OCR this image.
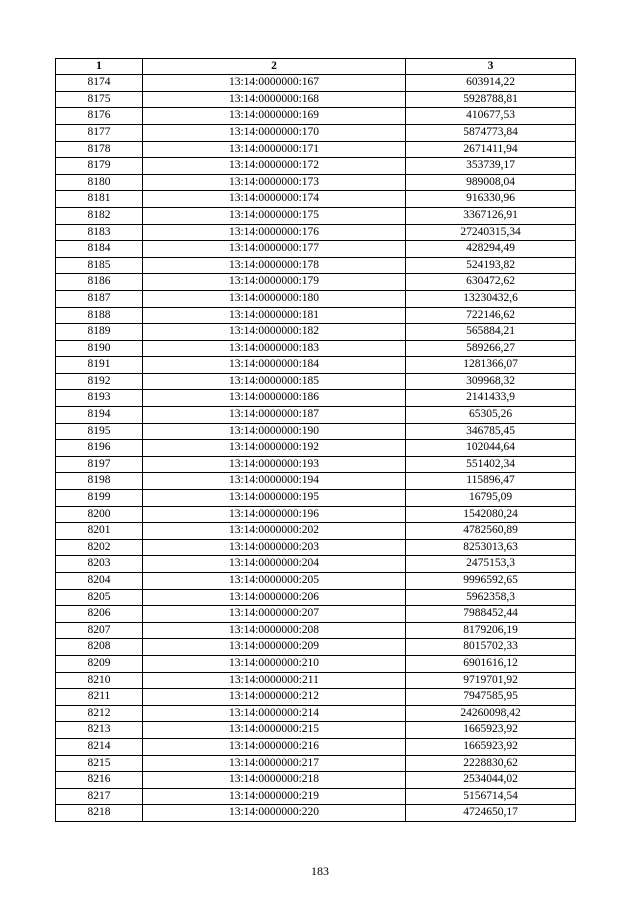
1	2	3
8174	13:14:0000000:167	603914,22
8175	13:14:0000000:168	5928788,81
8176	13:14:0000000:169	410677,53
8177	13:14:0000000:170	5874773,84
8178	13:14:0000000:171	2671411,94
8179	13:14:0000000:172	353739,17
8180	13:14:0000000:173	989008,04
8181	13:14:0000000:174	916330,96
8182	13:14:0000000:175	3367126,91
8183	13:14:0000000:176	27240315,34
8184	13:14:0000000:177	428294,49
8185	13:14:0000000:178	524193,82
8186	13:14:0000000:179	630472,62
8187	13:14:0000000:180	13230432,6
8188	13:14:0000000:181	722146,62
8189	13:14:0000000:182	565884,21
8190	13:14:0000000:183	589266,27
8191	13:14:0000000:184	1281366,07
8192	13:14:0000000:185	309968,32
8193	13:14:0000000:186	2141433,9
8194	13:14:0000000:187	65305,26
8195	13:14:0000000:190	346785,45
8196	13:14:0000000:192	102044,64
8197	13:14:0000000:193	551402,34
8198	13:14:0000000:194	115896,47
8199	13:14:0000000:195	16795,09
8200	13:14:0000000:196	1542080,24
8201	13:14:0000000:202	4782560,89
8202	13:14:0000000:203	8253013,63
8203	13:14:0000000:204	2475153,3
8204	13:14:0000000:205	9996592,65
8205	13:14:0000000:206	5962358,3
8206	13:14:0000000:207	7988452,44
8207	13:14:0000000:208	8179206,19
8208	13:14:0000000:209	8015702,33
8209	13:14:0000000:210	6901616,12
8210	13:14:0000000:211	9719701,92
8211	13:14:0000000:212	7947585,95
8212	13:14:0000000:214	24260098,42
8213	13:14:0000000:215	1665923,92
8214	13:14:0000000:216	1665923,92
8215	13:14:0000000:217	2228830,62
8216	13:14:0000000:218	2534044,02
8217	13:14:0000000:219	5156714,54
8218	13:14:0000000:220	4724650,17
183
